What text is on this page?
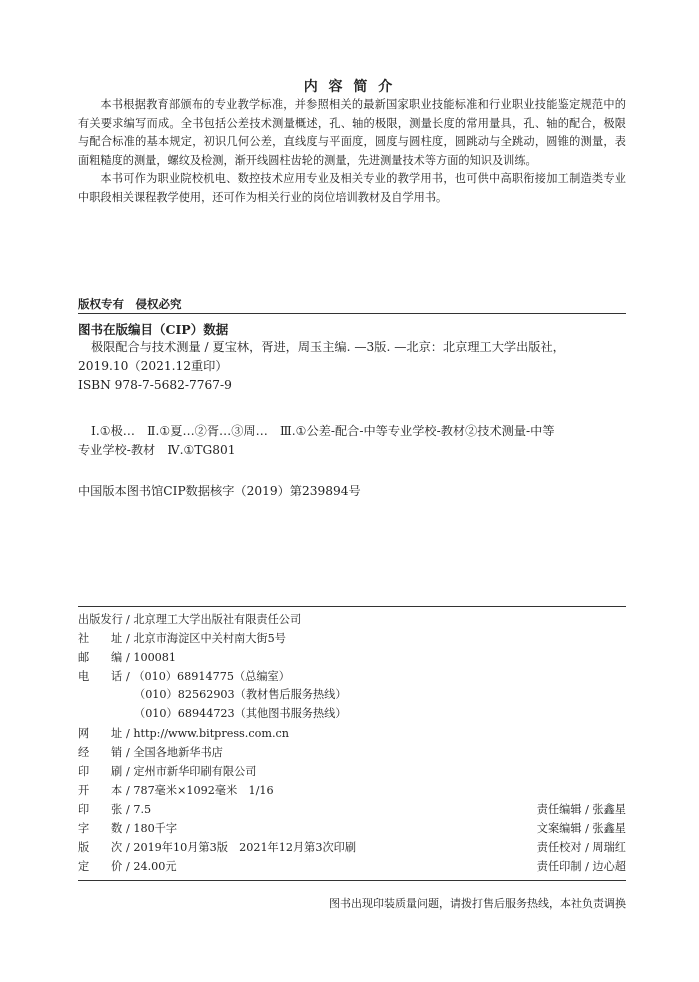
内 容 简 介

本书根据教育部颁布的专业教学标准，并参照相关的最新国家职业技能标准和行业职业技能鉴定规范中的有关要求编写而成。全书包括公差技术测量概述，孔、轴的极限，测量长度的常用量具，孔、轴的配合，极限与配合标准的基本规定，初识几何公差，直线度与平面度，圆度与圆柱度，圆跳动与全跳动，圆锥的测量，表面粗糙度的测量，螺纹及检测，渐开线圆柱齿轮的测量，先进测量技术等方面的知识及训练。

本书可作为职业院校机电、数控技术应用专业及相关专业的教学用书，也可供中高职衔接加工制造类专业中职段相关课程教学使用，还可作为相关行业的岗位培训教材及自学用书。

版权专有　侵权必究
图书在版编目（CIP）数据
极限配合与技术测量 / 夏宝林，胥进，周玉主编. —3版. —北京：北京理工大学出版社，
2019.10（2021.12重印）
ISBN 978-7-5682-7767-9
Ⅰ.①极…　Ⅱ.①夏…②胥…③周…　Ⅲ.①公差-配合-中等专业学校-教材②技术测量-中等
专业学校-教材　Ⅳ.①TG801
中国版本图书馆CIP数据核字（2019）第239894号
出版发行 / 北京理工大学出版社有限责任公司
社 址 / 北京市海淀区中关村南大街5号
邮 编 / 100081
电 话 / （010）68914775（总编室）
（010）82562903（教材售后服务热线）
（010）68944723（其他图书服务热线）
网 址 / http://www.bitpress.com.cn
经 销 / 全国各地新华书店
印 刷 / 定州市新华印刷有限公司
开 本 / 787毫米×1092毫米　1/16
印 张 / 7.5	责任编辑 / 张鑫星
字 数 / 180千字	文案编辑 / 张鑫星
版 次 / 2019年10月第3版　2021年12月第3次印刷	责任校对 / 周瑞红
定 价 / 24.00元	责任印制 / 边心超
图书出现印装质量问题，请拨打售后服务热线，本社负责调换
